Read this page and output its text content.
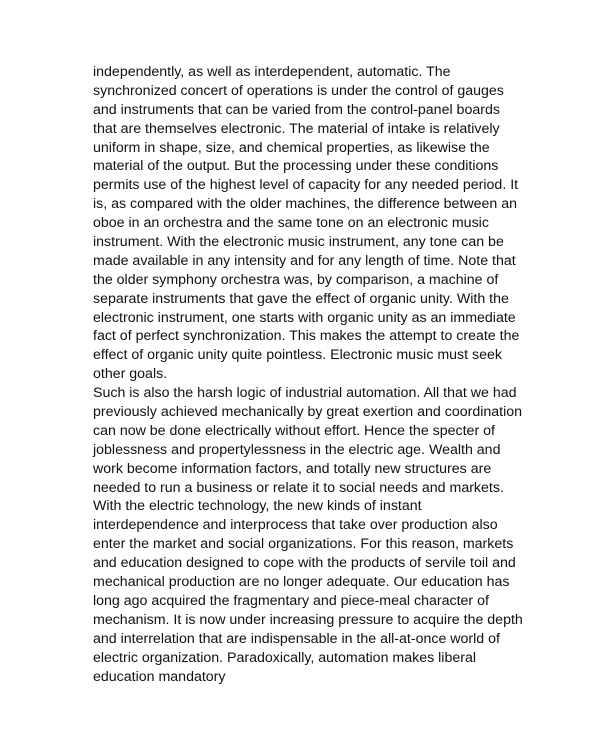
independently, as well as interdependent, automatic. The
synchronized concert of operations is under the control of gauges
and instruments that can be varied from the control-panel boards
that are themselves electronic. The material of intake is relatively
uniform in shape, size, and chemical properties, as likewise the
material of the output. But the processing under these conditions
permits use of the highest level of capacity for any needed period. It
is, as compared with the older machines, the difference between an
oboe in an orchestra and the same tone on an electronic music
instrument. With the electronic music instrument, any tone can be
made available in any intensity and for any length of time. Note that
the older symphony orchestra was, by comparison, a machine of
separate instruments that gave the effect of organic unity. With the
electronic instrument, one starts with organic unity as an immediate
fact of perfect synchronization. This makes the attempt to create the
effect of organic unity quite pointless. Electronic music must seek
other goals.
Such is also the harsh logic of industrial automation. All that we had
previously achieved mechanically by great exertion and coordination
can now be done electrically without effort. Hence the specter of
joblessness and propertylessness in the electric age. Wealth and
work become information factors, and totally new structures are
needed to run a business or relate it to social needs and markets.
With the electric technology, the new kinds of instant
interdependence and interprocess that take over production also
enter the market and social organizations. For this reason, markets
and education designed to cope with the products of servile toil and
mechanical production are no longer adequate. Our education has
long ago acquired the fragmentary and piece-meal character of
mechanism. It is now under increasing pressure to acquire the depth
and interrelation that are indispensable in the all-at-once world of
electric organization. Paradoxically, automation makes liberal
education mandatory
